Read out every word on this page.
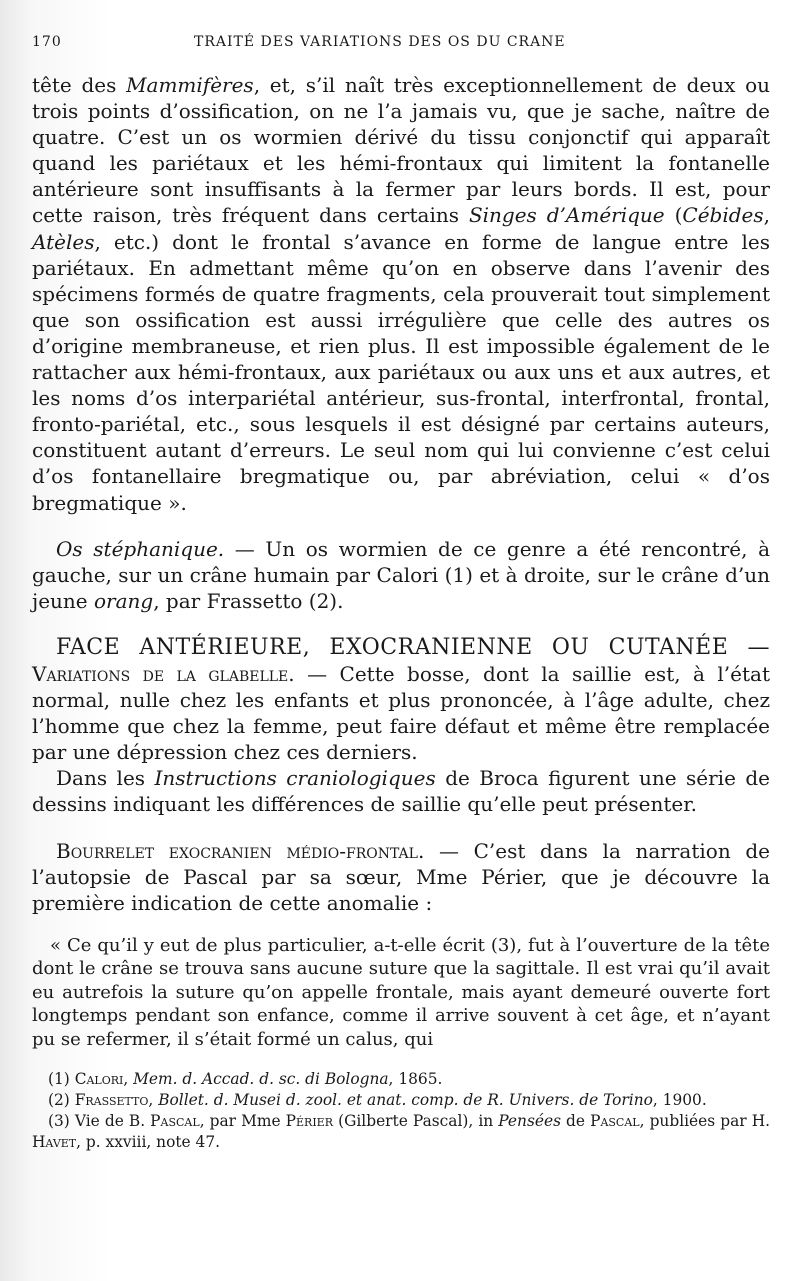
170	TRAITÉ DES VARIATIONS DES OS DU CRANE

tête des Mammifères, et, s’il naît très exceptionnellement de deux ou trois points d’ossification, on ne l’a jamais vu, que je sache, naître de quatre. C’est un os wormien dérivé du tissu conjonctif qui apparaît quand les pariétaux et les hémi-frontaux qui limitent la fontanelle antérieure sont insuffisants à la fermer par leurs bords. Il est, pour cette raison, très fréquent dans certains Singes d’Amérique (Cébides, Atèles, etc.) dont le frontal s’avance en forme de langue entre les pariétaux. En admettant même qu’on en observe dans l’avenir des spécimens formés de quatre fragments, cela prouverait tout simplement que son ossification est aussi irrégulière que celle des autres os d’origine membraneuse, et rien plus. Il est impossible également de le rattacher aux hémi-frontaux, aux pariétaux ou aux uns et aux autres, et les noms d’os interpariétal antérieur, sus-frontal, interfrontal, frontal, fronto-pariétal, etc., sous lesquels il est désigné par certains auteurs, constituent autant d’erreurs. Le seul nom qui lui convienne c’est celui d’os fontanellaire bregmatique ou, par abréviation, celui « d’os bregmatique ».

Os stéphanique. — Un os wormien de ce genre a été rencontré, à gauche, sur un crâne humain par Calori (1) et à droite, sur le crâne d’un jeune orang, par Frassetto (2).

FACE ANTÉRIEURE, EXOCRANIENNE OU CUTANÉE — Variations de la glabelle. — Cette bosse, dont la saillie est, à l’état normal, nulle chez les enfants et plus prononcée, à l’âge adulte, chez l’homme que chez la femme, peut faire défaut et même être remplacée par une dépression chez ces derniers.

Dans les Instructions craniologiques de Broca figurent une série de dessins indiquant les différences de saillie qu’elle peut présenter.

Bourrelet exocranien médio-frontal. — C’est dans la narration de l’autopsie de Pascal par sa sœur, Mme Périer, que je découvre la première indication de cette anomalie :

« Ce qu’il y eut de plus particulier, a-t-elle écrit (3), fut à l’ouverture de la tête dont le crâne se trouva sans aucune suture que la sagittale. Il est vrai qu’il avait eu autrefois la suture qu’on appelle frontale, mais ayant demeuré ouverte fort longtemps pendant son enfance, comme il arrive souvent à cet âge, et n’ayant pu se refermer, il s’était formé un calus, qui

(1) Calori, Mem. d. Accad. d. sc. di Bologna, 1865.

(2) Frassetto, Bollet. d. Musei d. zool. et anat. comp. de R. Univers. de Torino, 1900.

(3) Vie de B. Pascal, par Mme Périer (Gilberte Pascal), in Pensées de Pascal, publiées par H. Havet, p. xxviii, note 47.
